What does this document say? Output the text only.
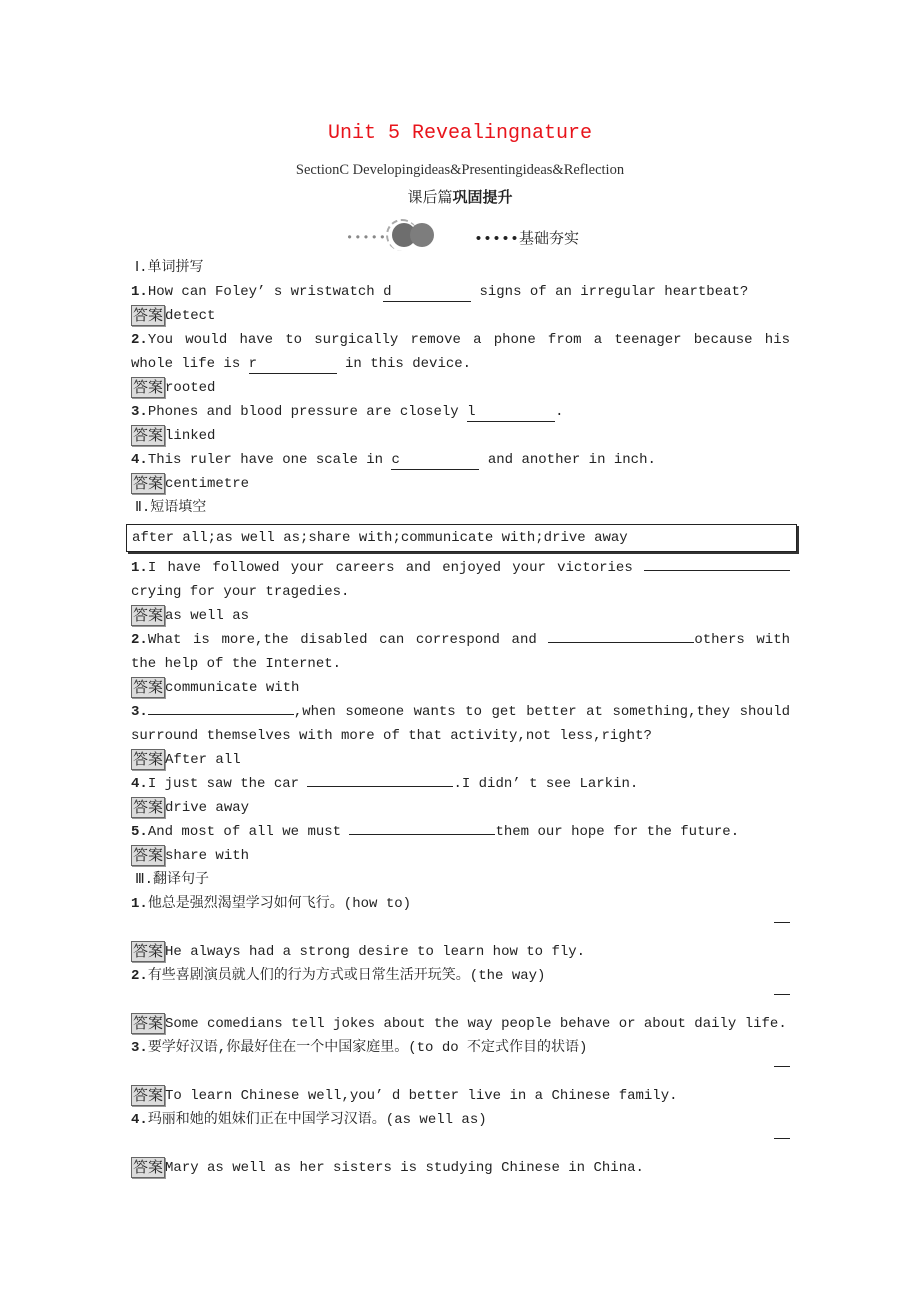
Unit 5 Revealingnature
SectionC Developingideas&Presentingideas&Reflection
课后篇巩固提升
•••••	•••••基础夯实
Ⅰ.单词拼写
1.How can Foley’ s wristwatch d	signs of an irregular heartbeat?
答案 detect
2.You would have to surgically remove a phone from a teenager because his whole life is r	in this device.
答案 rooted
3.Phones and blood pressure are closely l	.
答案 linked
4.This ruler have one scale in c	and another in inch.
答案 centimetre
Ⅱ.短语填空
after all;as well as;share with;communicate with;drive away
1.I have followed your careers and enjoyed your victories crying for your tragedies.
答案 as well as
2.What is more,the disabled can correspond and	others with the help of the Internet.
答案 communicate with
3.	,when someone wants to get better at something,they should surround themselves with more of that activity,not less,right?
答案 After all
4.I just saw the car	.I didn’ t see Larkin.
答案 drive away
5.And most of all we must	them our hope for the future.
答案 share with
Ⅲ.翻译句子
1.他总是强烈渴望学习如何飞行。(how to)
答案 He always had a strong desire to learn how to fly.
2.有些喜剧演员就人们的行为方式或日常生活开玩笑。(the way)
答案 Some comedians tell jokes about the way people behave or about daily life.
3.要学好汉语,你最好住在一个中国家庭里。(to do 不定式作目的状语)
答案 To learn Chinese well,you’ d better live in a Chinese family.
4.玛丽和她的姐妹们正在中国学习汉语。(as well as)
答案 Mary as well as her sisters is studying Chinese in China.
